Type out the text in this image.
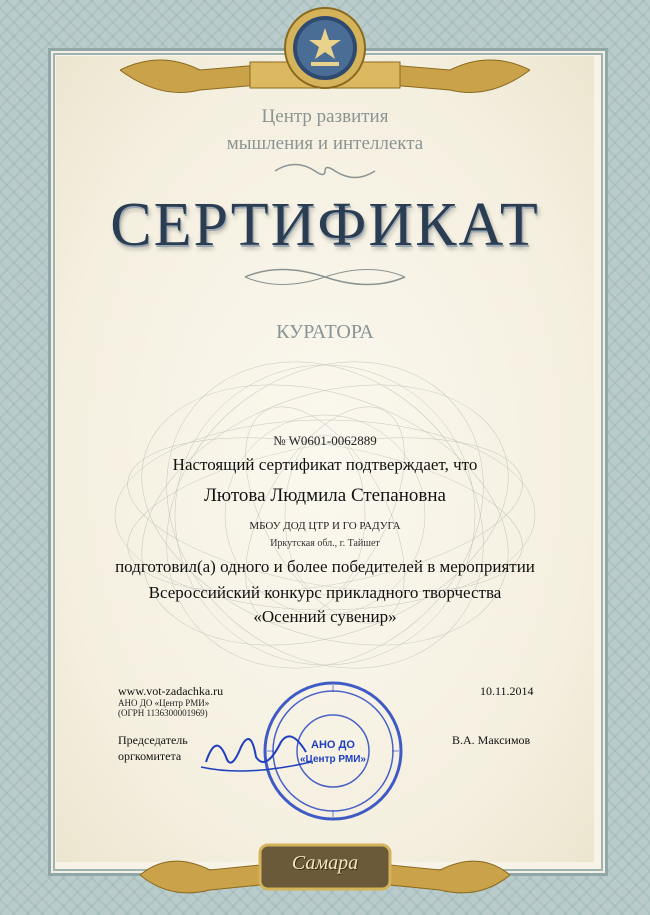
Центр развития
мышления и интеллекта
СЕРТИФИКАТ
КУРАТОРА
№ W0601-0062889
Настоящий сертификат подтверждает, что
Лютова Людмила Степановна
МБОУ ДОД ЦТР И ГО РАДУГА
Иркутская обл., г. Тайшет
подготовил(а) одного и более победителей в мероприятии
Всероссийский конкурс прикладного творчества
«Осенний сувенир»
www.vot-zadachka.ru
АНО ДО «Центр РМИ»
(ОГРН 1136300001969)
10.11.2014
Председатель
оргкомитета
В.А. Максимов
АНО ДО
«Центр РМИ»
Самара
